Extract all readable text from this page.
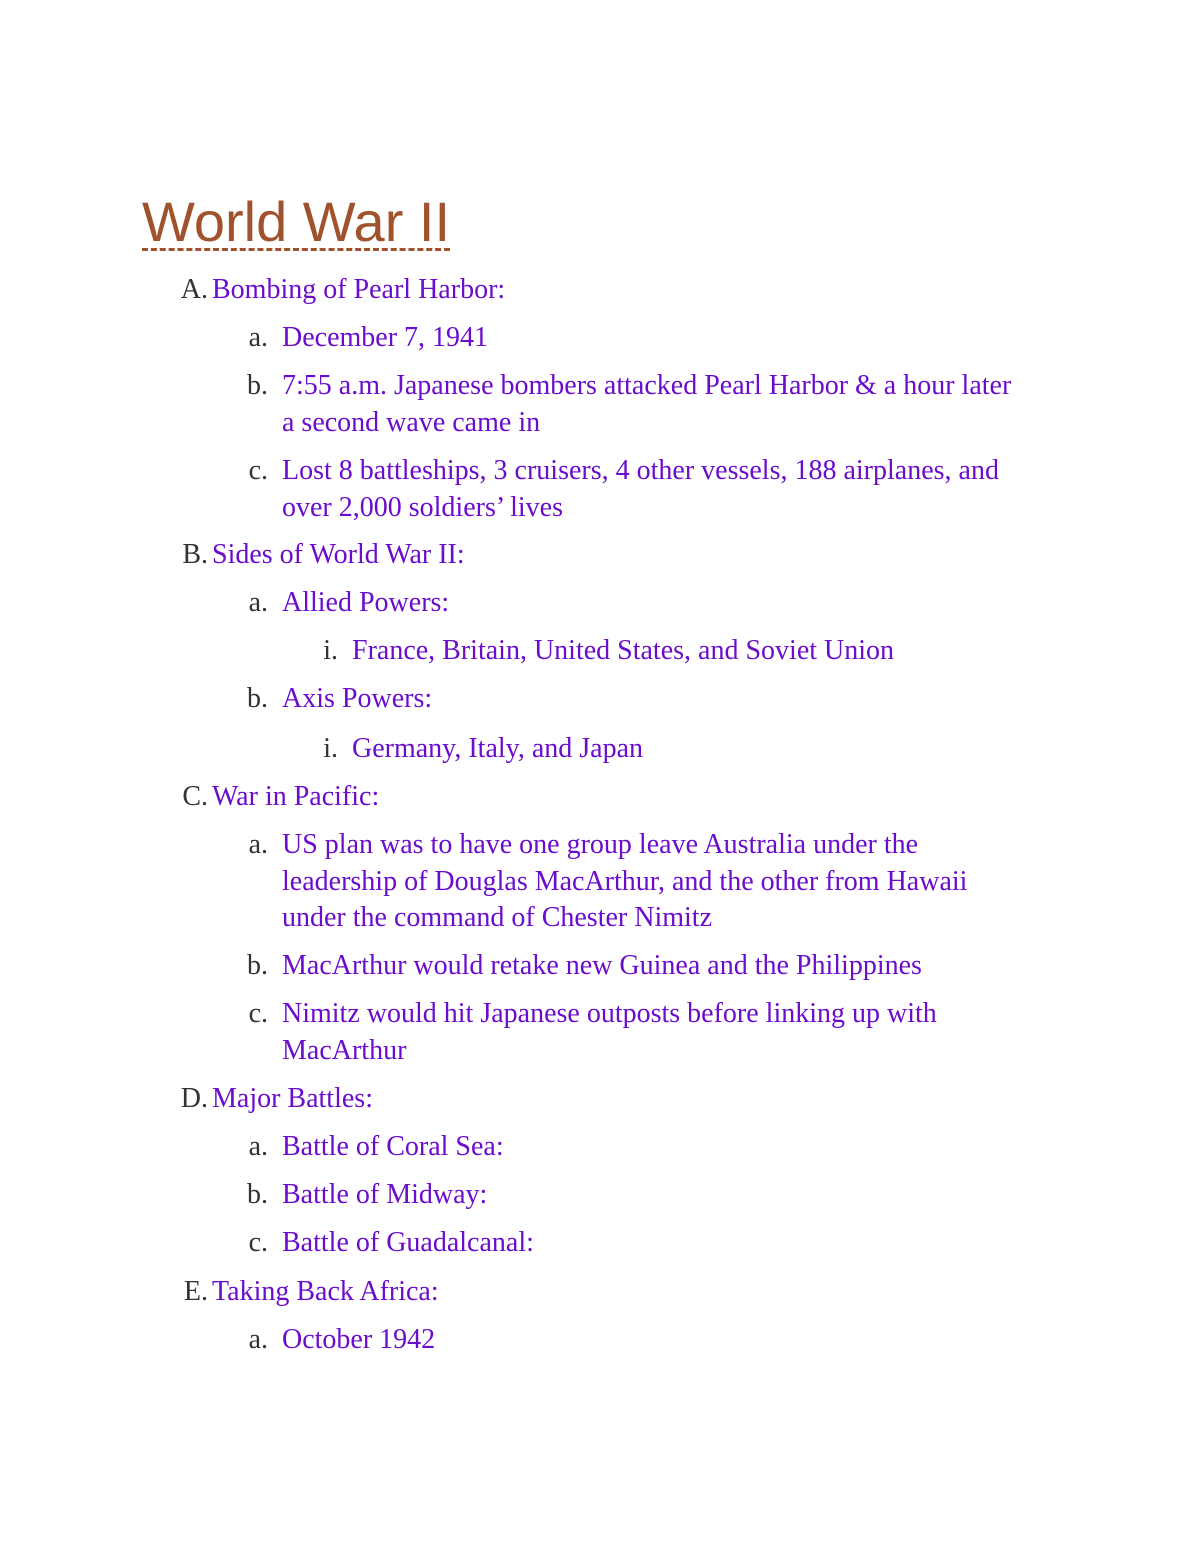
World War II
A. Bombing of Pearl Harbor:
a. December 7, 1941
b. 7:55 a.m. Japanese bombers attacked Pearl Harbor & a hour later
a second wave came in
c. Lost 8 battleships, 3 cruisers, 4 other vessels, 188 airplanes, and
over 2,000 soldiers’ lives
B. Sides of World War II:
a. Allied Powers:
i. France, Britain, United States, and Soviet Union
b. Axis Powers:
i. Germany, Italy, and Japan
C. War in Pacific:
a. US plan was to have one group leave Australia under the
leadership of Douglas MacArthur, and the other from Hawaii
under the command of Chester Nimitz
b. MacArthur would retake new Guinea and the Philippines
c. Nimitz would hit Japanese outposts before linking up with
MacArthur
D. Major Battles:
a. Battle of Coral Sea:
b. Battle of Midway:
c. Battle of Guadalcanal:
E. Taking Back Africa:
a. October 1942
